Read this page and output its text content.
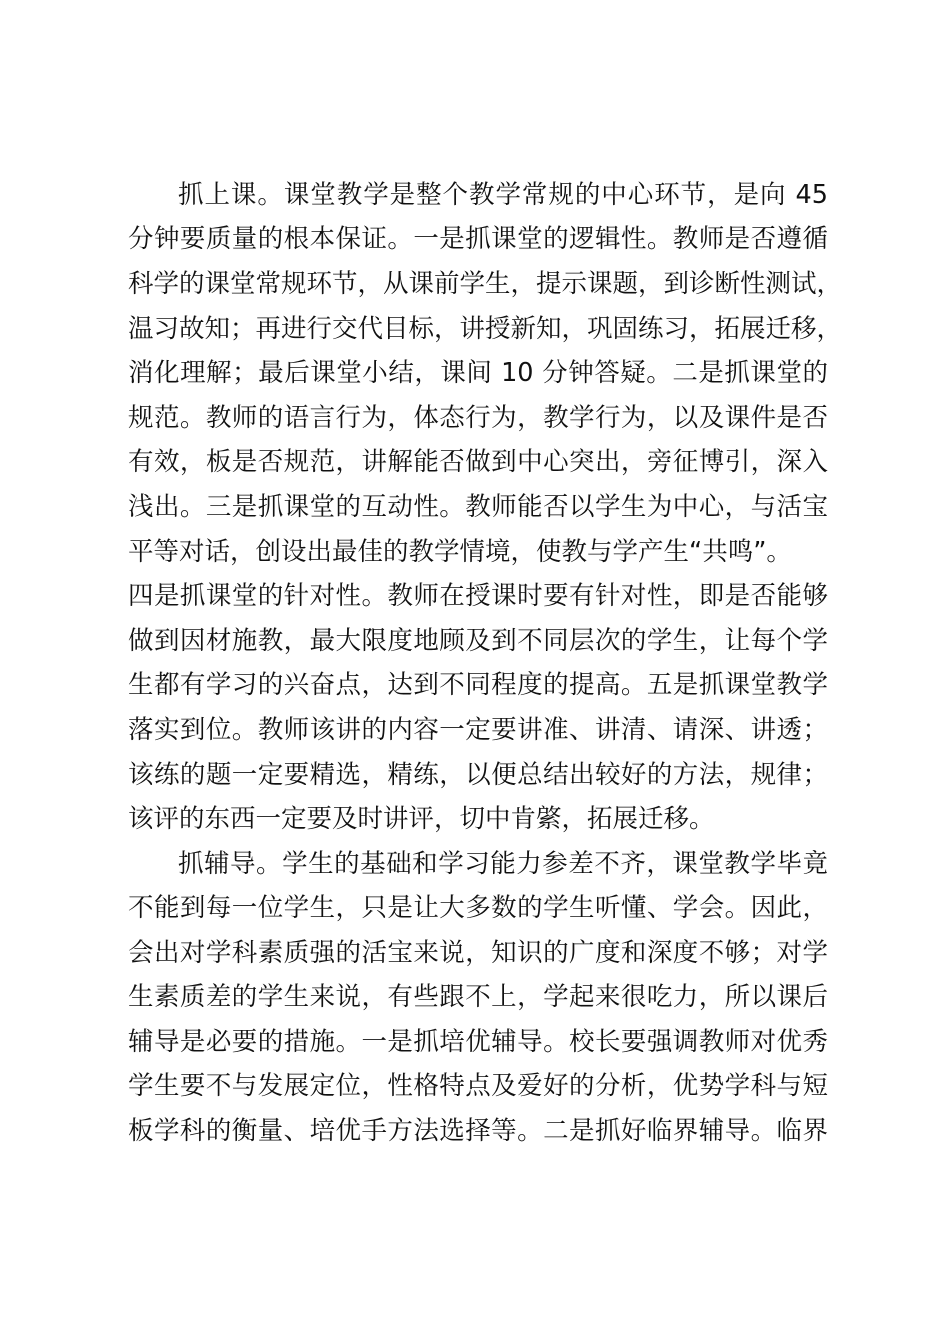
抓上课。课堂教学是整个教学常规的中心环节，是向 45
分钟要质量的根本保证。一是抓课堂的逻辑性。教师是否遵循
科学的课堂常规环节，从课前学生，提示课题，到诊断性测试，
温习故知；再进行交代目标，讲授新知，巩固练习，拓展迁移，
消化理解；最后课堂小结，课间 10 分钟答疑。二是抓课堂的
规范。教师的语言行为，体态行为，教学行为，以及课件是否
有效，板是否规范，讲解能否做到中心突出，旁征博引，深入
浅出。三是抓课堂的互动性。教师能否以学生为中心，与活宝
平等对话，创设出最佳的教学情境，使教与学产生“共鸣”。
四是抓课堂的针对性。教师在授课时要有针对性，即是否能够
做到因材施教，最大限度地顾及到不同层次的学生，让每个学
生都有学习的兴奋点，达到不同程度的提高。五是抓课堂教学
落实到位。教师该讲的内容一定要讲准、讲清、请深、讲透；
该练的题一定要精选，精练，以便总结出较好的方法，规律；
该评的东西一定要及时讲评，切中肯綮，拓展迁移。
抓辅导。学生的基础和学习能力参差不齐，课堂教学毕竟
不能到每一位学生，只是让大多数的学生听懂、学会。因此，
会出对学科素质强的活宝来说，知识的广度和深度不够；对学
生素质差的学生来说，有些跟不上，学起来很吃力，所以课后
辅导是必要的措施。一是抓培优辅导。校长要强调教师对优秀
学生要不与发展定位，性格特点及爱好的分析，优势学科与短
板学科的衡量、培优手方法选择等。二是抓好临界辅导。临界
